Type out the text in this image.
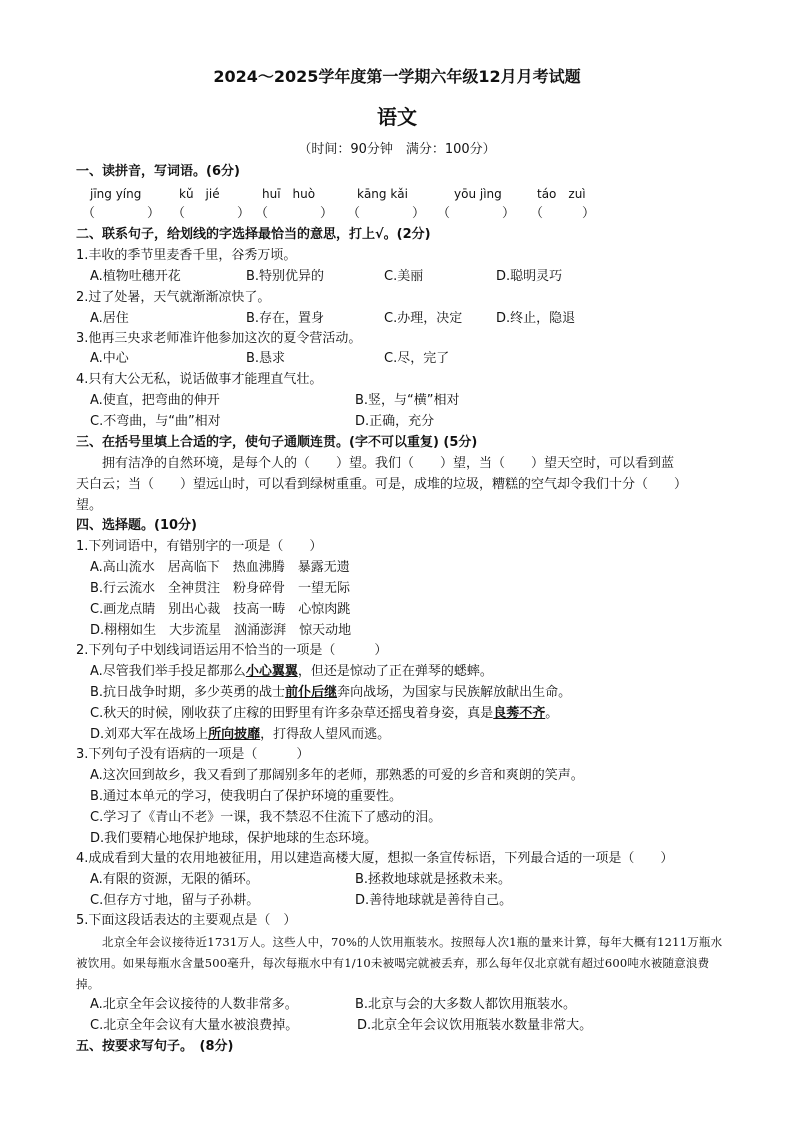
2024～2025学年度第一学期六年级12月月考试题
语文
（时间：90分钟　满分：100分）
一、读拼音，写词语。(6分)
jīng yíng	kǔ　jié	huī　huò	kāng kǎi	yōu jìng	táo　zuì
（　　　　） （　　　　） （　　　　） （　　　　） （　　　　） （　　　）
二、联系句子，给划线的字选择最恰当的意思，打上√。(2分)
1.丰收的季节里麦香千里，谷秀万顷。
A.植物吐穗开花	B.特别优异的	C.美丽	D.聪明灵巧
2.过了处暑，天气就渐渐凉快了。
A.居住	B.存在，置身	C.办理，决定	D.终止，隐退
3.他再三央求老师准许他参加这次的夏令营活动。
A.中心	B.恳求	C.尽，完了
4.只有大公无私，说话做事才能理直气壮。
A.使直，把弯曲的伸开	B.竖，与“横”相对
C.不弯曲，与“曲”相对	D.正确，充分
三、在括号里填上合适的字，使句子通顺连贯。(字不可以重复) (5分)
拥有洁净的自然环境，是每个人的（　　）望。我们（　　）望，当（　　）望天空时，可以看到蓝
天白云；当（　　）望远山时，可以看到绿树重重。可是，成堆的垃圾，糟糕的空气却令我们十分（　　）
望。
四、选择题。(10分)
1.下列词语中，有错别字的一项是（　　）
A.高山流水　居高临下　热血沸腾　暴露无遗
B.行云流水　全神贯注　粉身碎骨　一望无际
C.画龙点睛　别出心裁　技高一畴　心惊肉跳
D.栩栩如生　大步流星　汹涌澎湃　惊天动地
2.下列句子中划线词语运用不恰当的一项是（　　　）
A.尽管我们举手投足都那么小心翼翼，但还是惊动了正在弹琴的蟋蟀。
B.抗日战争时期，多少英勇的战士前仆后继奔向战场，为国家与民族解放献出生命。
C.秋天的时候，刚收获了庄稼的田野里有许多杂草还摇曳着身姿，真是良莠不齐。
D.刘邓大军在战场上所向披靡，打得敌人望风而逃。
3.下列句子没有语病的一项是（　　　）
A.这次回到故乡，我又看到了那阔别多年的老师，那熟悉的可爱的乡音和爽朗的笑声。
B.通过本单元的学习，使我明白了保护环境的重要性。
C.学习了《青山不老》一课，我不禁忍不住流下了感动的泪。
D.我们要精心地保护地球，保护地球的生态环境。
4.成成看到大量的农用地被征用，用以建造高楼大厦，想拟一条宣传标语，下列最合适的一项是（　　）
A.有限的资源，无限的循环。	B.拯救地球就是拯救未来。
C.但存方寸地，留与子孙耕。	D.善待地球就是善待自己。
5.下面这段话表达的主要观点是（　）
北京全年会议接待近1731万人。这些人中，70%的人饮用瓶装水。按照每人次1瓶的量来计算，每年大概有1211万瓶水被饮用。如果每瓶水含量500毫升，每次每瓶水中有1/10未被喝完就被丢弃，那么每年仅北京就有超过600吨水被随意浪费掉。
A.北京全年会议接待的人数非常多。	B.北京与会的大多数人都饮用瓶装水。
C.北京全年会议有大量水被浪费掉。	D.北京全年会议饮用瓶装水数量非常大。
五、按要求写句子。　(8分)
